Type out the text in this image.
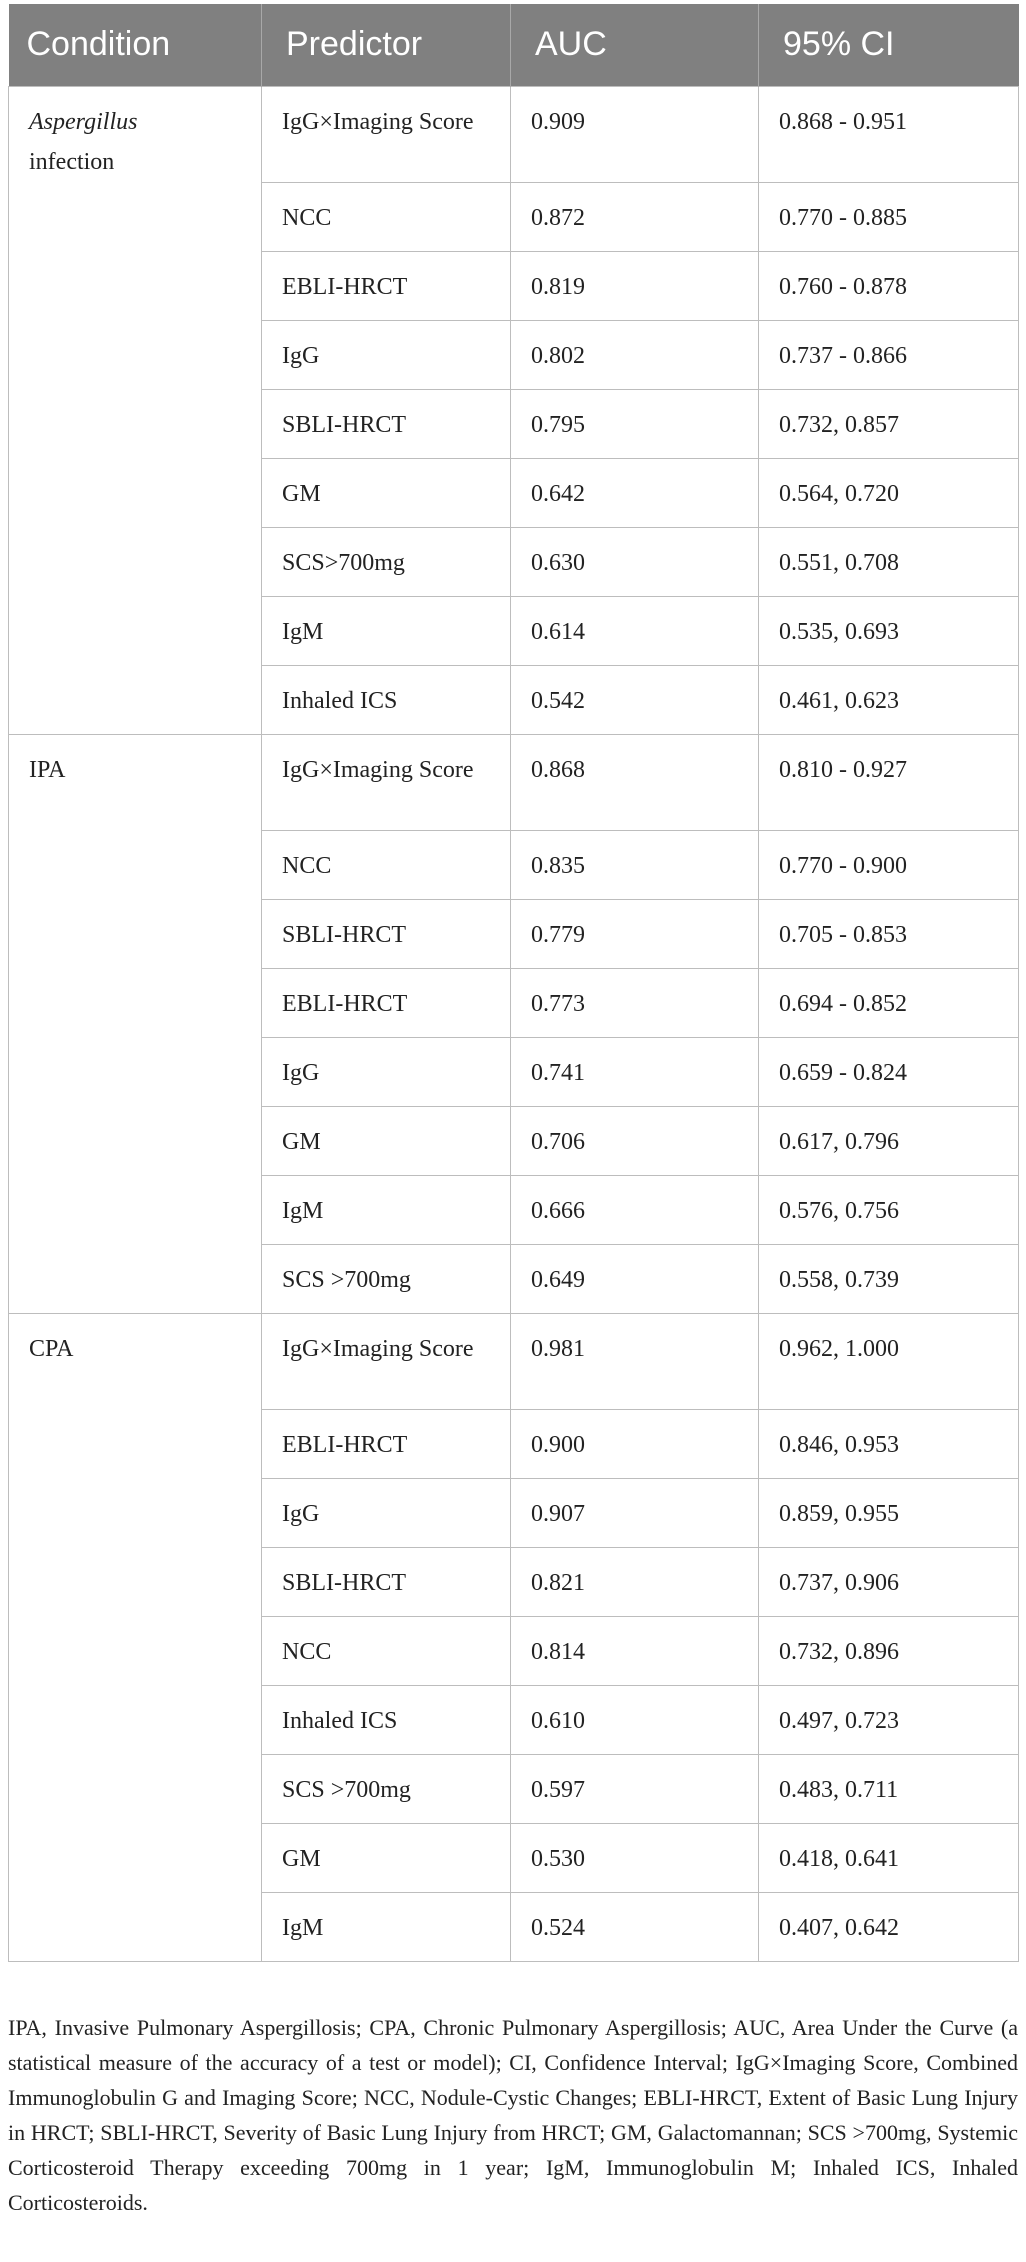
Condition	Predictor	AUC	95% CI
Aspergillus
infection	IgG×Imaging Score	0.909	0.868 - 0.951
	NCC	0.872	0.770 - 0.885
	EBLI-HRCT	0.819	0.760 - 0.878
	IgG	0.802	0.737 - 0.866
	SBLI-HRCT	0.795	0.732, 0.857
	GM	0.642	0.564, 0.720
	SCS>700mg	0.630	0.551, 0.708
	IgM	0.614	0.535, 0.693
	Inhaled ICS	0.542	0.461, 0.623
IPA	IgG×Imaging Score	0.868	0.810 - 0.927
	NCC	0.835	0.770 - 0.900
	SBLI-HRCT	0.779	0.705 - 0.853
	EBLI-HRCT	0.773	0.694 - 0.852
	IgG	0.741	0.659 - 0.824
	GM	0.706	0.617, 0.796
	IgM	0.666	0.576, 0.756
	SCS >700mg	0.649	0.558, 0.739
CPA	IgG×Imaging Score	0.981	0.962, 1.000
	EBLI-HRCT	0.900	0.846, 0.953
	IgG	0.907	0.859, 0.955
	SBLI-HRCT	0.821	0.737, 0.906
	NCC	0.814	0.732, 0.896
	Inhaled ICS	0.610	0.497, 0.723
	SCS >700mg	0.597	0.483, 0.711
	GM	0.530	0.418, 0.641
	IgM	0.524	0.407, 0.642

IPA, Invasive Pulmonary Aspergillosis; CPA, Chronic Pulmonary Aspergillosis; AUC, Area Under the Curve (a statistical measure of the accuracy of a test or model); CI, Confidence Interval; IgG×Imaging Score, Combined Immunoglobulin G and Imaging Score; NCC, Nodule-Cystic Changes; EBLI-HRCT, Extent of Basic Lung Injury in HRCT; SBLI-HRCT, Severity of Basic Lung Injury from HRCT; GM, Galactomannan; SCS >700mg, Systemic Corticosteroid Therapy exceeding 700mg in 1 year; IgM, Immunoglobulin M; Inhaled ICS, Inhaled Corticosteroids.
